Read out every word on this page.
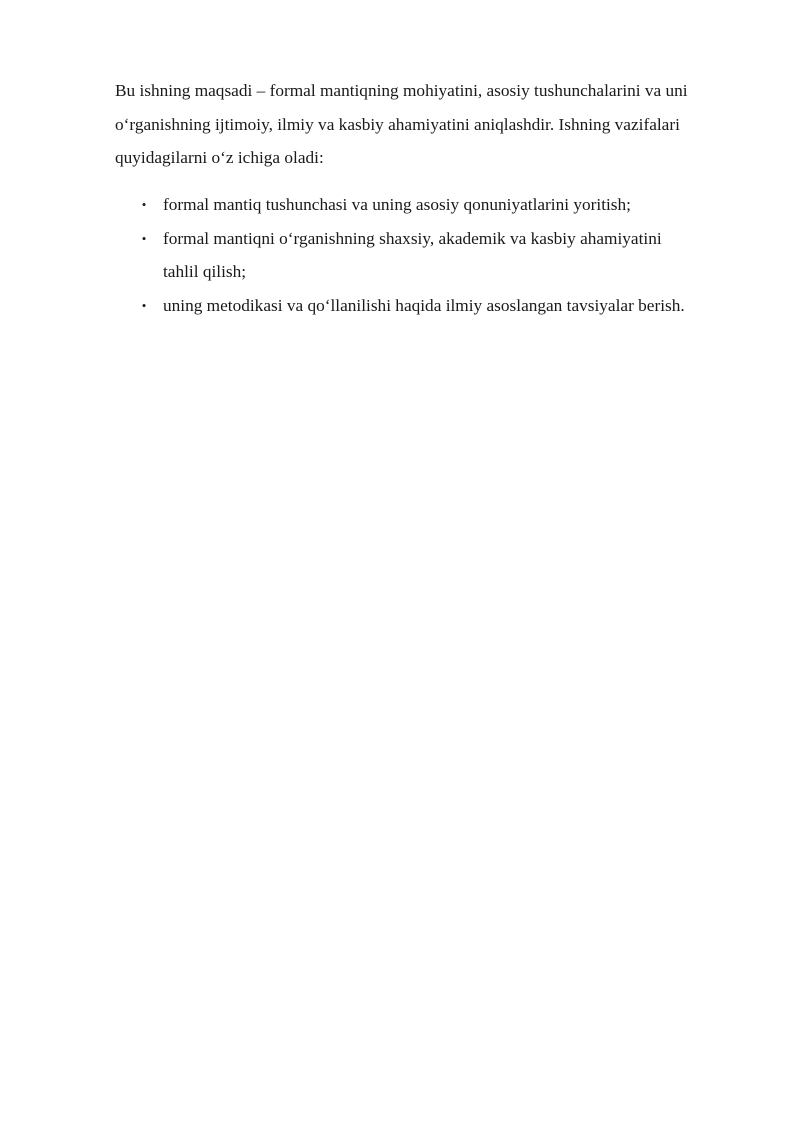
Bu ishning maqsadi – formal mantiqning mohiyatini, asosiy tushunchalarini va uni
o‘rganishning ijtimoiy, ilmiy va kasbiy ahamiyatini aniqlashdir. Ishning vazifalari
quyidagilarni o‘z ichiga oladi:

• formal mantiq tushunchasi va uning asosiy qonuniyatlarini yoritish;
• formal mantiqni o‘rganishning shaxsiy, akademik va kasbiy ahamiyatini
tahlil qilish;
• uning metodikasi va qo‘llanilishi haqida ilmiy asoslangan tavsiyalar berish.
